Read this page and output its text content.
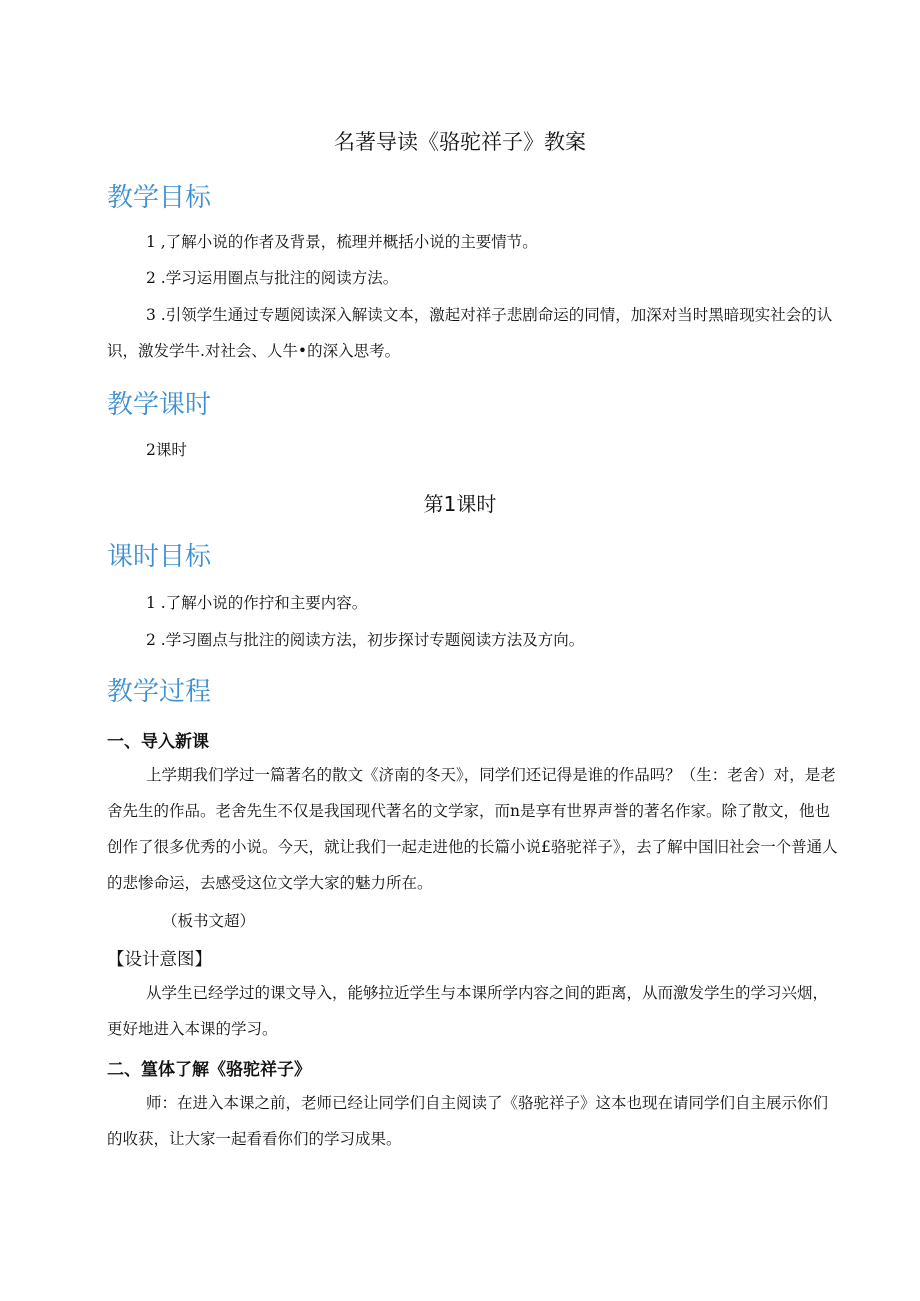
名著导读《骆驼祥子》教案
教学目标
1 ,了解小说的作者及背景，梳理并概括小说的主要情节。
2 .学习运用圈点与批注的阅读方法。
3 .引领学生通过专题阅读深入解读文本，激起对祥子悲剧命运的同情，加深对当时黑暗现实社会的认识，激发学牛.对社会、人牛•的深入思考。
教学课时
2课时
第1课时
课时目标
1 .了解小说的作拧和主要内容。
2 .学习圈点与批注的阅读方法，初步探讨专题阅读方法及方向。
教学过程
一、导入新课
上学期我们学过一篇著名的散文《济南的冬天》，同学们还记得是谁的作品吗？（生：老舍）对，是老舍先生的作品。老舍先生不仅是我国现代著名的文学家，而n是享有世界声誉的著名作家。除了散文，他也创作了很多优秀的小说。今天，就让我们一起走进他的长篇小说£骆驼祥子》，去了解中国旧社会一个普通人的悲惨命运，去感受这位文学大家的魅力所在。
（板书文超）
【设计意图】
从学生已经学过的课文导入，能够拉近学生与本课所学内容之间的距离，从而激发学生的学习兴烟，更好地进入本课的学习。
二、篁体了解《骆驼祥子》
师：在进入本课之前，老师已经让同学们自主阅读了《骆驼祥子》这本也现在请同学们自主展示你们的收获，让大家一起看看你们的学习成果。
